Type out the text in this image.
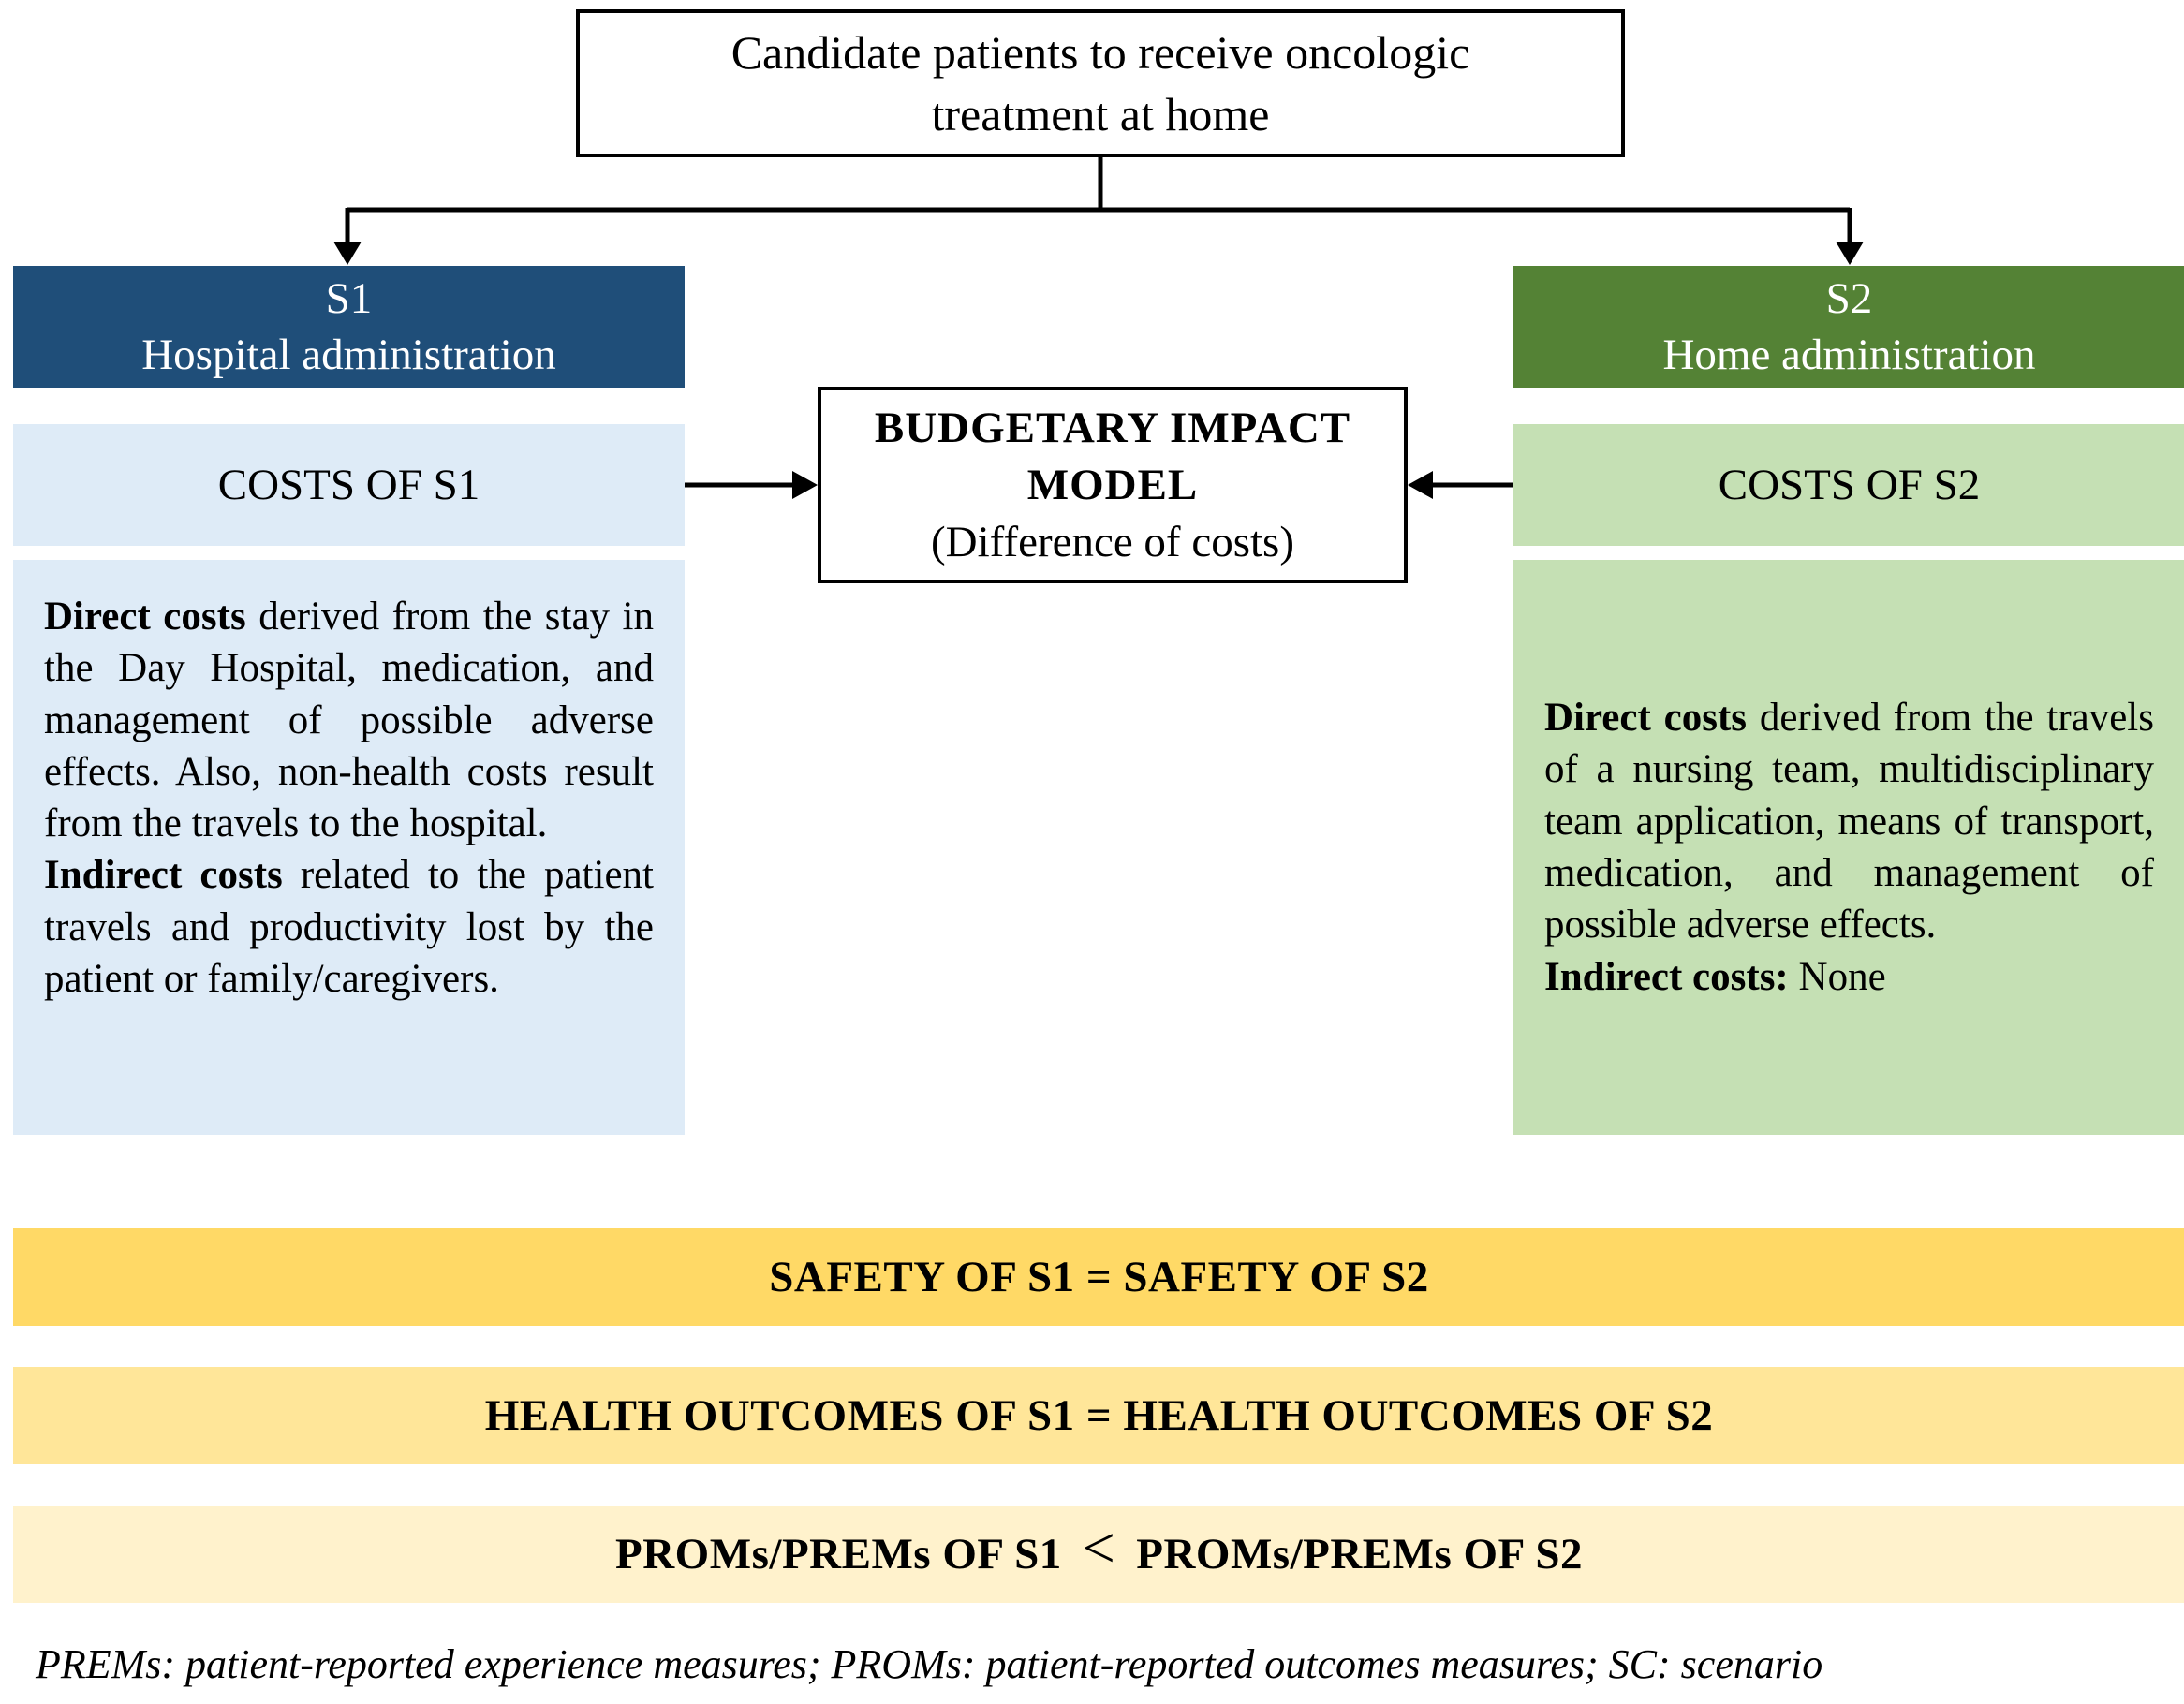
Candidate patients to receive oncologic
treatment at home
S1
Hospital administration
S2
Home administration
COSTS OF S1	COSTS OF S2
BUDGETARY IMPACT
MODEL
(Difference of costs)

Direct costs derived from the stay in the Day Hospital, medication, and management of possible adverse effects. Also, non-health costs result from the travels to the hospital.

Indirect costs related to the patient travels and productivity lost by the patient or family/caregivers.

Direct costs derived from the travels of a nursing team, multidisciplinary team application, means of transport, medication, and management of possible adverse effects.

Indirect costs: None

SAFETY OF S1 = SAFETY OF S2
HEALTH OUTCOMES OF S1 = HEALTH OUTCOMES OF S2
PROMs/PREMs OF S1 < PROMs/PREMs OF S2
PREMs: patient-reported experience measures; PROMs: patient-reported outcomes measures; SC: scenario
